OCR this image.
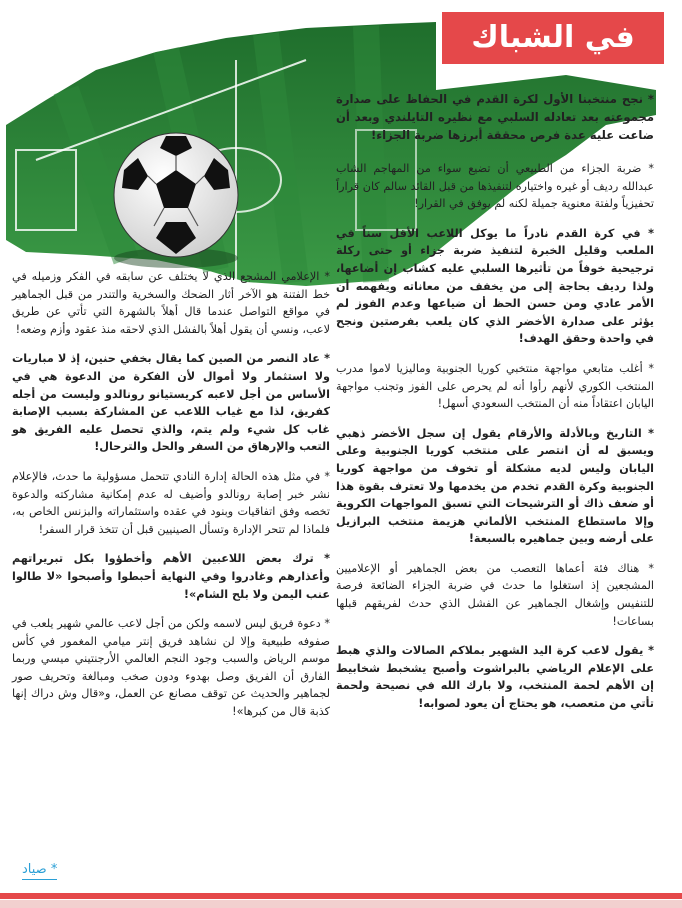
في الشباك

* نجح منتخبنا الأول لكرة القدم في الحفاظ على صدارة مجموعته بعد تعادله السلبي مع نظيره التايلندي وبعد أن ضاعت عليه عدة فرص محققة أبرزها ضربة الجزاء!

* ضربة الجزاء من الطبيعي أن تضيع سواء من المهاجم الشاب عبدالله رديف أو غيره واختياره لتنفيذها من قبل القائد سالم كان قراراً تحفيزياً ولفتة معنوية جميلة لكنه لم يوفق في القرار!

* في كرة القدم نادراً ما يوكل اللاعب الأقل سناً في الملعب وقليل الخبرة لتنفيذ ضربة جزاء أو حتى ركلة ترجيحية خوفاً من تأثيرها السلبي عليه كشاب إن أضاعها، ولذا رديف بحاجة إلى من يخفف من معاناته ويفهمه أن الأمر عادي ومن حسن الحظ أن ضياعها وعدم الفوز لم يؤثر على صدارة الأخضر الذي كان يلعب بفرصتين ونجح في واحدة وحقق الهدف!

* أغلب متابعي مواجهة منتخبي كوريا الجنوبية وماليزيا لاموا مدرب المنتخب الكوري لأنهم رأوا أنه لم يحرص على الفوز وتجنب مواجهة اليابان اعتقاداً منه أن المنتخب السعودي أسهل!

* التاريخ وبالأدلة والأرقام يقول إن سجل الأخضر ذهبي ويسبق له أن انتصر على منتخب كوريا الجنوبية وعلى اليابان وليس لديه مشكلة أو تخوف من مواجهة كوريا الجنوبية وكرة القدم تخدم من يخدمها ولا تعترف بقوة هذا أو ضعف ذاك أو الترشيحات التي تسبق المواجهات الكروية وإلا ماستطاع المنتخب الألماني هزيمة منتخب البرازيل على أرضه وبين جماهيره بالسبعة!

* هناك فئة أعماها التعصب من بعض الجماهير أو الإعلاميين المشجعين إذ استغلوا ما حدث في ضربة الجزاء الضائعة فرصة للتنفيس وإشغال الجماهير عن الفشل الذي حدث لفريقهم قبلها بساعات!

* يقول لاعب كرة اليد الشهير بملاكم الصالات والذي هبط على الإعلام الرياضي بالبراشوت وأصبح يشخبط شخابيط إن الأهم لحمة المنتخب، ولا بارك الله في نصيحة ولحمة تأتي من متعصب، هو يحتاج أن يعود لصوابه!

* الإعلامي المشجع الذي لا يختلف عن سابقه في الفكر وزميله في خط الفتنة هو الآخر أثار الضحك والسخرية والتندر من قبل الجماهير في مواقع التواصل عندما قال أهلاً بالشهرة التي تأتي عن طريق لاعب، ونسي أن يقول أهلاً بالفشل الذي لاحقه منذ عقود وأزم وضعه!

* عاد النصر من الصين كما يقال بخفي حنين، إذ لا مباريات ولا استثمار ولا أموال لأن الفكرة من الدعوة هي في الأساس من أجل لاعبه كريستيانو رونالدو وليست من أجله كفريق، لذا مع غياب اللاعب عن المشاركة بسبب الإصابة غاب كل شيء ولم يتم، والذي تحصل عليه الفريق هو التعب والإرهاق من السفر والحل والترحال!

* في مثل هذه الحالة إدارة النادي تتحمل مسؤولية ما حدث، فالإعلام نشر خبر إصابة رونالدو وأضيف له عدم إمكانية مشاركته والدعوة تخصه وفق اتفاقيات وبنود في عقده واستثماراته والبزنس الخاص به، فلماذا لم تتحر الإدارة وتسأل الصينيين قبل أن تتخذ قرار السفر!

* ترك بعض اللاعبين الأهم وأخطؤوا بكل تبريراتهم وأعذارهم وغادروا وفي النهاية أحبطوا وأصبحوا «لا طالوا عنب اليمن ولا بلح الشام»!

* دعوة فريق ليس لاسمه ولكن من أجل لاعب عالمي شهير يلعب في صفوفه طبيعية وإلا لن نشاهد فريق إنتر ميامي المغمور في كأس موسم الرياض والسبب وجود النجم العالمي الأرجنتيني ميسي وربما الفارق أن الفريق وصل بهدوء ودون صخب ومبالغة وتحريف صور لجماهير والحديث عن توقف مصانع عن العمل، و«قال وش دراك إنها كذبة قال من كبرها»!

* صياد
